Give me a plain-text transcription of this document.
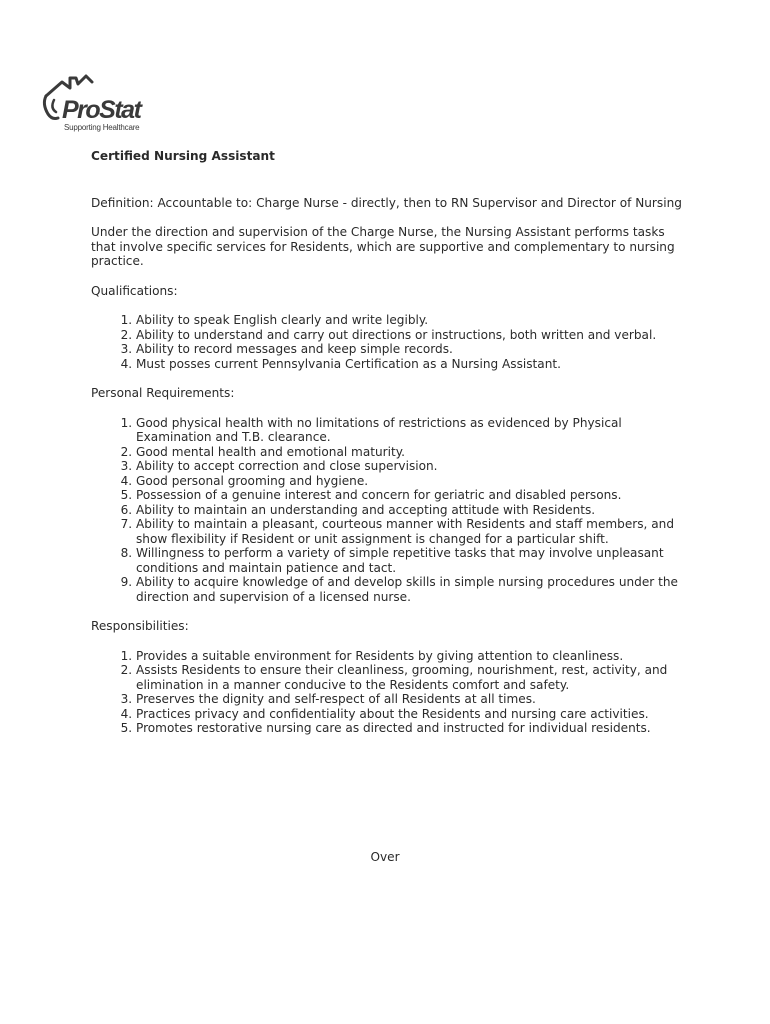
ProStat
Supporting Healthcare

Certified Nursing Assistant

Definition: Accountable to: Charge Nurse - directly, then to RN Supervisor and Director of Nursing

Under the direction and supervision of the Charge Nurse, the Nursing Assistant performs tasks that involve specific services for Residents, which are supportive and complementary to nursing practice.

Qualifications:

1. Ability to speak English clearly and write legibly.
2. Ability to understand and carry out directions or instructions, both written and verbal.
3. Ability to record messages and keep simple records.
4. Must posses current Pennsylvania Certification as a Nursing Assistant.

Personal Requirements:

1. Good physical health with no limitations of restrictions as evidenced by Physical Examination and T.B. clearance.
2. Good mental health and emotional maturity.
3. Ability to accept correction and close supervision.
4. Good personal grooming and hygiene.
5. Possession of a genuine interest and concern for geriatric and disabled persons.
6. Ability to maintain an understanding and accepting attitude with Residents.
7. Ability to maintain a pleasant, courteous manner with Residents and staff members, and show flexibility if Resident or unit assignment is changed for a particular shift.
8. Willingness to perform a variety of simple repetitive tasks that may involve unpleasant conditions and maintain patience and tact.
9. Ability to acquire knowledge of and develop skills in simple nursing procedures under the direction and supervision of a licensed nurse.

Responsibilities:

1. Provides a suitable environment for Residents by giving attention to cleanliness.
2. Assists Residents to ensure their cleanliness, grooming, nourishment, rest, activity, and elimination in a manner conducive to the Residents comfort and safety.
3. Preserves the dignity and self-respect of all Residents at all times.
4. Practices privacy and confidentiality about the Residents and nursing care activities.
5. Promotes restorative nursing care as directed and instructed for individual residents.
Over
